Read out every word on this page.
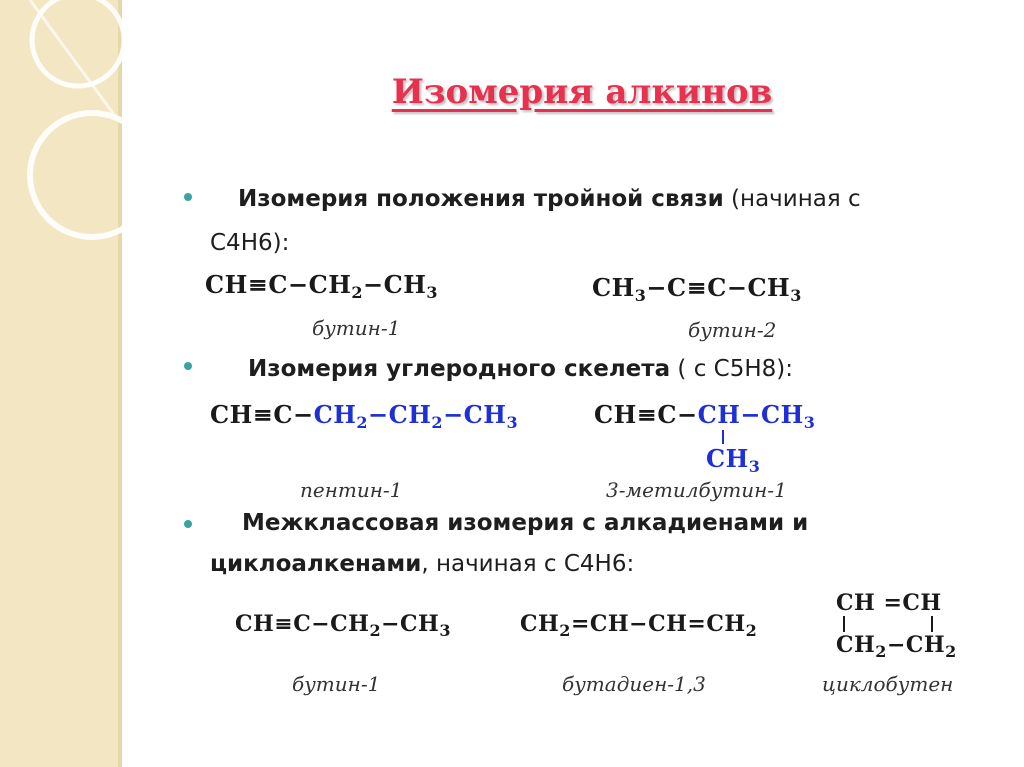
Изомерия алкинов
Изомерия положения тройной связи (начиная с
С4Н6):
$CH\equiv C-CH_2-CH_3$
бутин-1
$CH_3-C\equiv C-CH_3$
бутин-2
Изомерия углеродного скелета ( с С5Н8):
$CH\equiv C-CH_2-CH_2-CH_3$
пентин-1
$CH\equiv C-CH-CH_3$
$CH_3$
3-метилбутин-1
Межклассовая изомерия с алкадиенами и
циклоалкенами, начиная с С4Н6:
$CH\equiv C-CH_2-CH_3$
бутин-1
$CH_2=CH-CH=CH_2$
бутадиен-1,3
CH =CH
$CH_2-CH_2$
циклобутен
